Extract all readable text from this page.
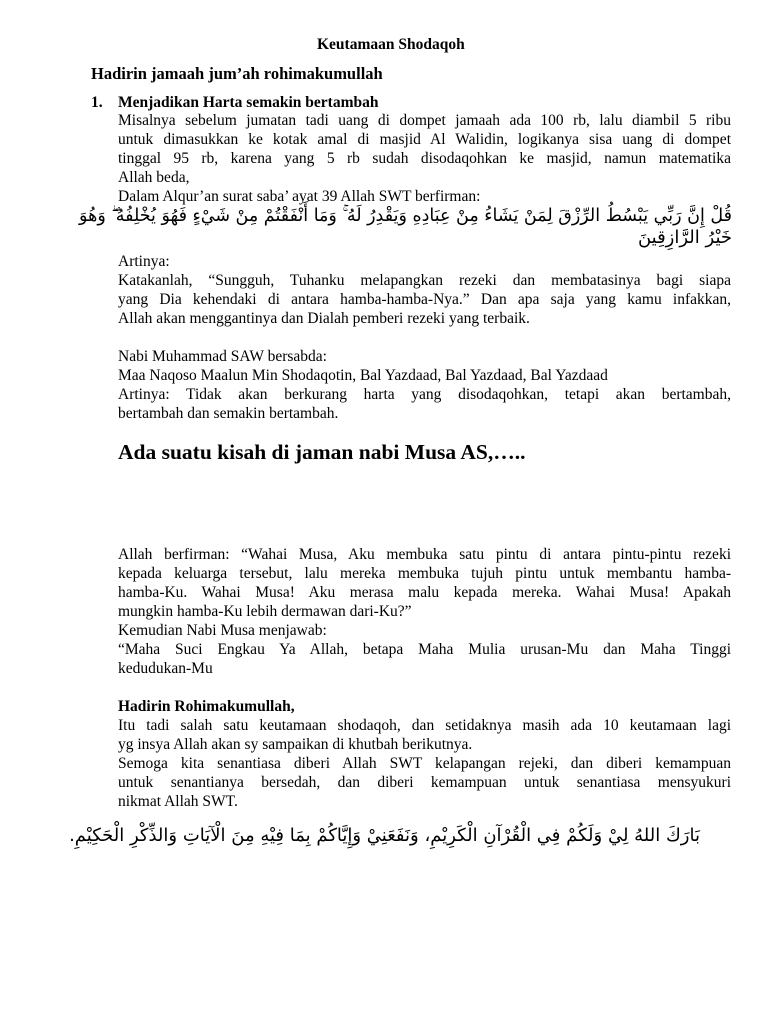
Keutamaan Shodaqoh
Hadirin jamaah jum’ah rohimakumullah
1. Menjadikan Harta semakin bertambah
Misalnya sebelum jumatan tadi uang di dompet jamaah ada 100 rb, lalu diambil 5 ribu
untuk dimasukkan ke kotak amal di masjid Al Walidin, logikanya sisa uang di dompet
tinggal 95 rb, karena yang 5 rb sudah disodaqohkan ke masjid, namun matematika
Allah beda,
Dalam Alqur’an surat saba’ ayat 39 Allah SWT berfirman:
قُلْ إِنَّ رَبِّي يَبْسُطُ الرِّزْقَ لِمَنْ يَشَاءُ مِنْ عِبَادِهِ وَيَقْدِرُ لَهُ ۚ وَمَا أَنْفَقْتُمْ مِنْ شَيْءٍ فَهُوَ يُخْلِفُهُ ۖ وَهُوَ
خَيْرُ الرَّازِقِينَ
Artinya:
Katakanlah, “Sungguh, Tuhanku melapangkan rezeki dan membatasinya bagi siapa
yang Dia kehendaki di antara hamba-hamba-Nya.” Dan apa saja yang kamu infakkan,
Allah akan menggantinya dan Dialah pemberi rezeki yang terbaik.
Nabi Muhammad SAW bersabda:
Maa Naqoso Maalun Min Shodaqotin, Bal Yazdaad, Bal Yazdaad, Bal Yazdaad
Artinya: Tidak akan berkurang harta yang disodaqohkan, tetapi akan bertambah,
bertambah dan semakin bertambah.
Ada suatu kisah di jaman nabi Musa AS,…..
Allah berfirman: “Wahai Musa, Aku membuka satu pintu di antara pintu-pintu rezeki
kepada keluarga tersebut, lalu mereka membuka tujuh pintu untuk membantu hamba-
hamba-Ku. Wahai Musa! Aku merasa malu kepada mereka. Wahai Musa! Apakah
mungkin hamba-Ku lebih dermawan dari-Ku?”
Kemudian Nabi Musa menjawab:
“Maha Suci Engkau Ya Allah, betapa Maha Mulia urusan-Mu dan Maha Tinggi
kedudukan-Mu
Hadirin Rohimakumullah,
Itu tadi salah satu keutamaan shodaqoh, dan setidaknya masih ada 10 keutamaan lagi
yg insya Allah akan sy sampaikan di khutbah berikutnya.
Semoga kita senantiasa diberi Allah SWT kelapangan rejeki, dan diberi kemampuan
untuk senantianya bersedah, dan diberi kemampuan untuk senantiasa mensyukuri
nikmat Allah SWT.
بَارَكَ اللهُ لِيْ وَلَكُمْ فِي الْقُرْآنِ الْكَرِيْمِ، وَنَفَعَنِيْ وَإِيَّاكُمْ بِمَا فِيْهِ مِنَ الْآيَاتِ وَالذِّكْرِ الْحَكِيْمِ.
